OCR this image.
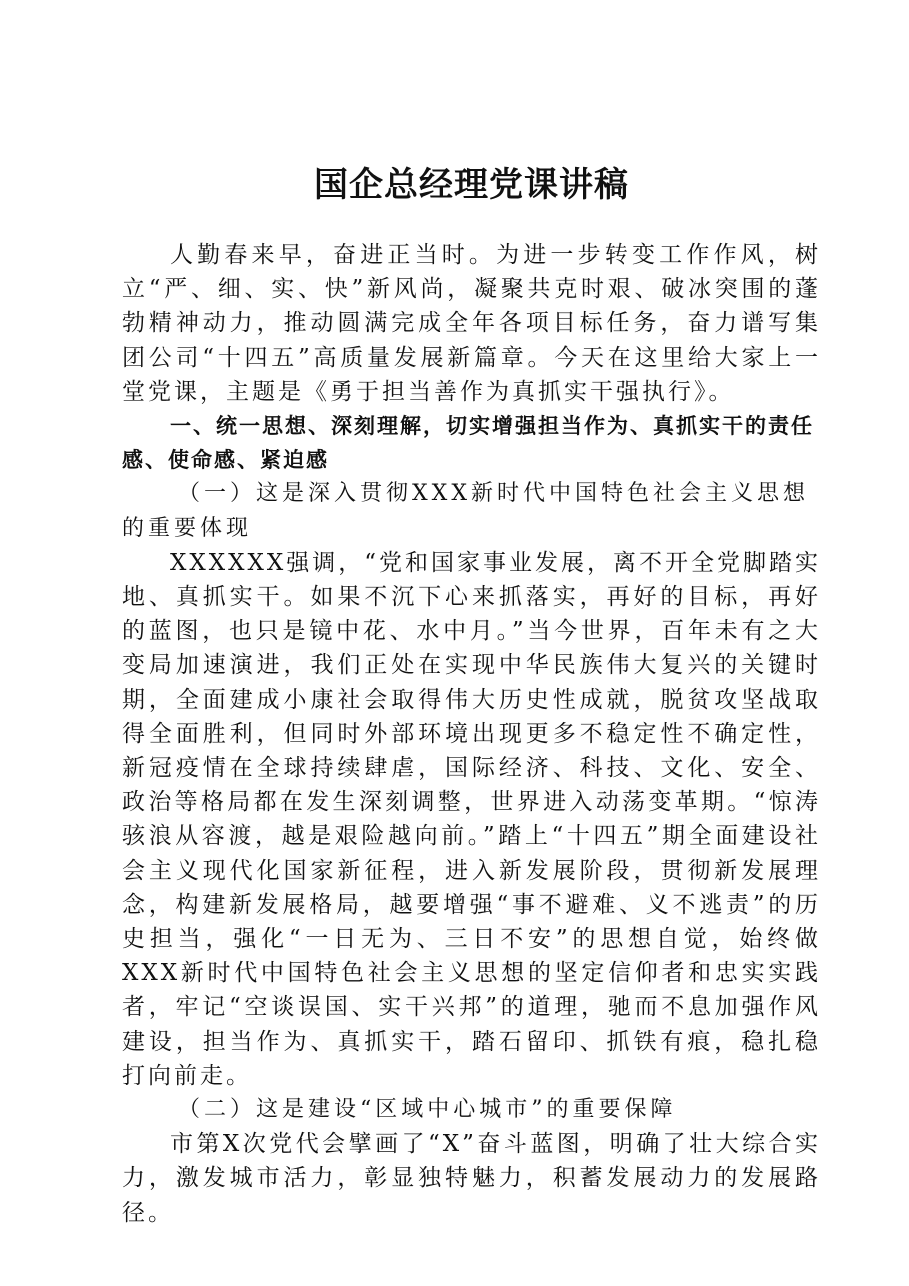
国企总经理党课讲稿

人勤春来早，奋进正当时。为进一步转变工作作风，树立“严、细、实、快”新风尚，凝聚共克时艰、破冰突围的蓬勃精神动力，推动圆满完成全年各项目标任务，奋力谱写集团公司“十四五”高质量发展新篇章。今天在这里给大家上一堂党课，主题是《勇于担当善作为真抓实干强执行》。

一、统一思想、深刻理解，切实增强担当作为、真抓实干的责任感、使命感、紧迫感

（一）这是深入贯彻XXX新时代中国特色社会主义思想的重要体现

XXXXXX强调，“党和国家事业发展，离不开全党脚踏实地、真抓实干。如果不沉下心来抓落实，再好的目标，再好的蓝图，也只是镜中花、水中月。”当今世界，百年未有之大变局加速演进，我们正处在实现中华民族伟大复兴的关键时期，全面建成小康社会取得伟大历史性成就，脱贫攻坚战取得全面胜利，但同时外部环境出现更多不稳定性不确定性，新冠疫情在全球持续肆虐，国际经济、科技、文化、安全、政治等格局都在发生深刻调整，世界进入动荡变革期。“惊涛骇浪从容渡，越是艰险越向前。”踏上“十四五”期全面建设社会主义现代化国家新征程，进入新发展阶段，贯彻新发展理念，构建新发展格局，越要增强“事不避难、义不逃责”的历史担当，强化“一日无为、三日不安”的思想自觉，始终做XXX新时代中国特色社会主义思想的坚定信仰者和忠实实践者，牢记“空谈误国、实干兴邦”的道理，驰而不息加强作风建设，担当作为、真抓实干，踏石留印、抓铁有痕，稳扎稳打向前走。

（二）这是建设“区域中心城市”的重要保障

市第X次党代会擘画了“X”奋斗蓝图，明确了壮大综合实力，激发城市活力，彰显独特魅力，积蓄发展动力的发展路径。
